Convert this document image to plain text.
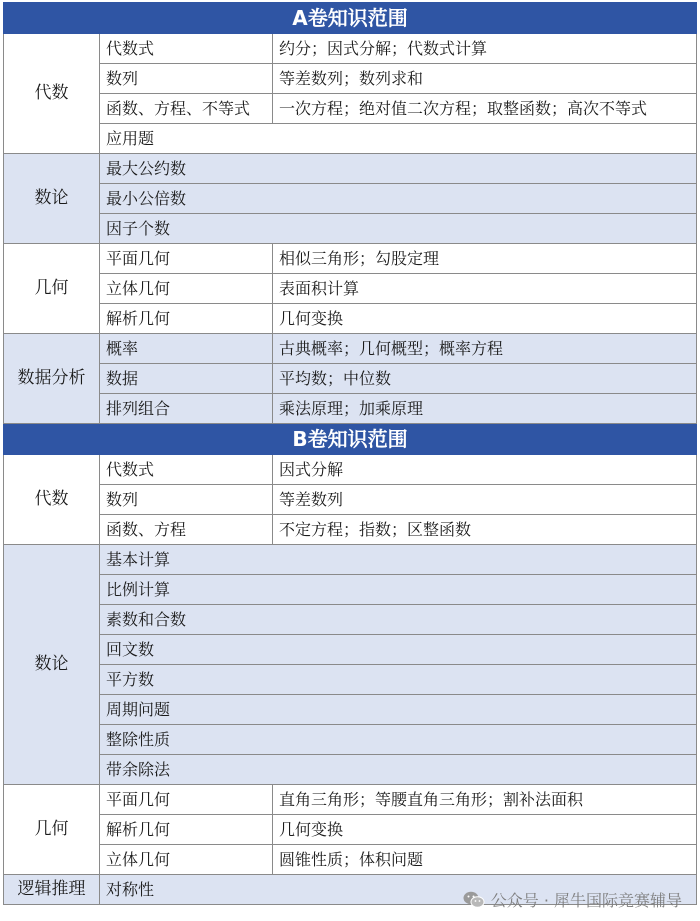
A卷知识范围		
代数	代数式	约分；因式分解；代数式计算
	数列	等差数列；数列求和
	函数、方程、不等式	一次方程；绝对值二次方程；取整函数；高次不等式
	应用题	
数论	最大公约数	
	最小公倍数	
	因子个数	
几何	平面几何	相似三角形；勾股定理
	立体几何	表面积计算
	解析几何	几何变换
数据分析	概率	古典概率；几何概型；概率方程
	数据	平均数；中位数
	排列组合	乘法原理；加乘原理
B卷知识范围		
代数	代数式	因式分解
	数列	等差数列
	函数、方程	不定方程；指数；区整函数
数论	基本计算	
	比例计算	
	素数和合数	
	回文数	
	平方数	
	周期问题	
	整除性质	
	带余除法	
几何	平面几何	直角三角形；等腰直角三角形；割补法面积
	解析几何	几何变换
	立体几何	圆锥性质；体积问题
逻辑推理	对称性	
公众号 · 犀牛国际竞赛辅导
